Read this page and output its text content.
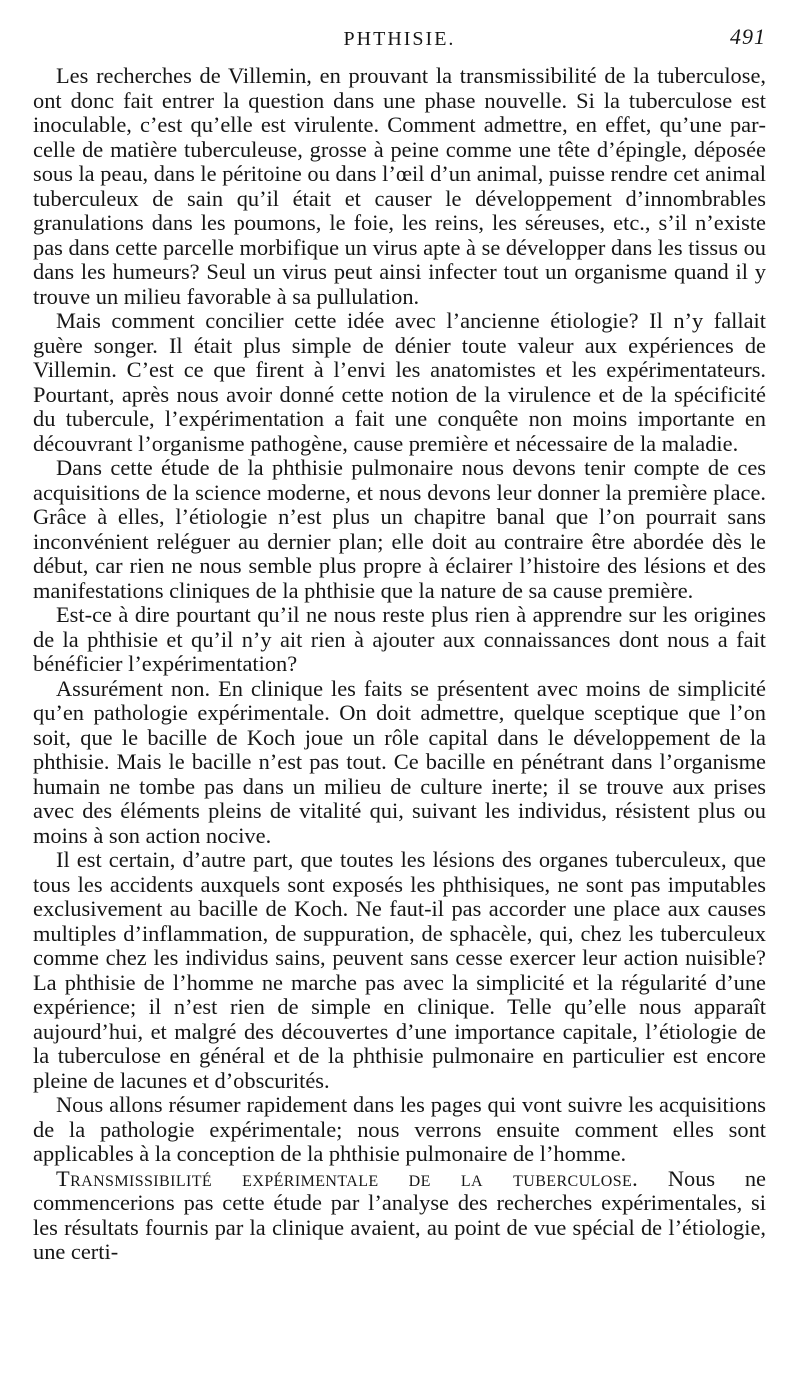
PHTHISIE.	491

Les recherches de Villemin, en prouvant la transmissibilité de la tuberculose, ont donc fait entrer la question dans une phase nouvelle. Si la tuberculose est inoculable, c’est qu’elle est virulente. Comment admettre, en effet, qu’une parcelle de matière tuberculeuse, grosse à peine comme une tête d’épingle, déposée sous la peau, dans le péritoine ou dans l’œil d’un animal, puisse rendre cet animal tuberculeux de sain qu’il était et causer le développement d’innombrables granulations dans les poumons, le foie, les reins, les séreuses, etc., s’il n’existe pas dans cette parcelle morbifique un virus apte à se développer dans les tissus ou dans les humeurs? Seul un virus peut ainsi infecter tout un organisme quand il y trouve un milieu favorable à sa pullulation.

Mais comment concilier cette idée avec l’ancienne étiologie? Il n’y fallait guère songer. Il était plus simple de dénier toute valeur aux expériences de Villemin. C’est ce que firent à l’envi les anatomistes et les expérimentateurs. Pourtant, après nous avoir donné cette notion de la virulence et de la spécificité du tubercule, l’expérimentation a fait une conquête non moins importante en découvrant l’organisme pathogène, cause première et nécessaire de la maladie.

Dans cette étude de la phthisie pulmonaire nous devons tenir compte de ces acquisitions de la science moderne, et nous devons leur donner la première place. Grâce à elles, l’étiologie n’est plus un chapitre banal que l’on pourrait sans inconvénient reléguer au dernier plan; elle doit au contraire être abordée dès le début, car rien ne nous semble plus propre à éclairer l’histoire des lésions et des manifestations cliniques de la phthisie que la nature de sa cause première.

Est-ce à dire pourtant qu’il ne nous reste plus rien à apprendre sur les origines de la phthisie et qu’il n’y ait rien à ajouter aux connaissances dont nous a fait bénéficier l’expérimentation?

Assurément non. En clinique les faits se présentent avec moins de simplicité qu’en pathologie expérimentale. On doit admettre, quelque sceptique que l’on soit, que le bacille de Koch joue un rôle capital dans le développement de la phthisie. Mais le bacille n’est pas tout. Ce bacille en pénétrant dans l’organisme humain ne tombe pas dans un milieu de culture inerte; il se trouve aux prises avec des éléments pleins de vitalité qui, suivant les individus, résistent plus ou moins à son action nocive.

Il est certain, d’autre part, que toutes les lésions des organes tuberculeux, que tous les accidents auxquels sont exposés les phthisiques, ne sont pas imputables exclusivement au bacille de Koch. Ne faut-il pas accorder une place aux causes multiples d’inflammation, de suppuration, de sphacèle, qui, chez les tuberculeux comme chez les individus sains, peuvent sans cesse exercer leur action nuisible? La phthisie de l’homme ne marche pas avec la simplicité et la régularité d’une expérience; il n’est rien de simple en clinique. Telle qu’elle nous apparaît aujourd’hui, et malgré des découvertes d’une importance capitale, l’étiologie de la tuberculose en général et de la phthisie pulmonaire en particulier est encore pleine de lacunes et d’obscurités.

Nous allons résumer rapidement dans les pages qui vont suivre les acquisitions de la pathologie expérimentale; nous verrons ensuite comment elles sont applicables à la conception de la phthisie pulmonaire de l’homme.

Transmissibilité expérimentale de la tuberculose. Nous ne commencerions pas cette étude par l’analyse des recherches expérimentales, si les résultats fournis par la clinique avaient, au point de vue spécial de l’étiologie, une certi-
